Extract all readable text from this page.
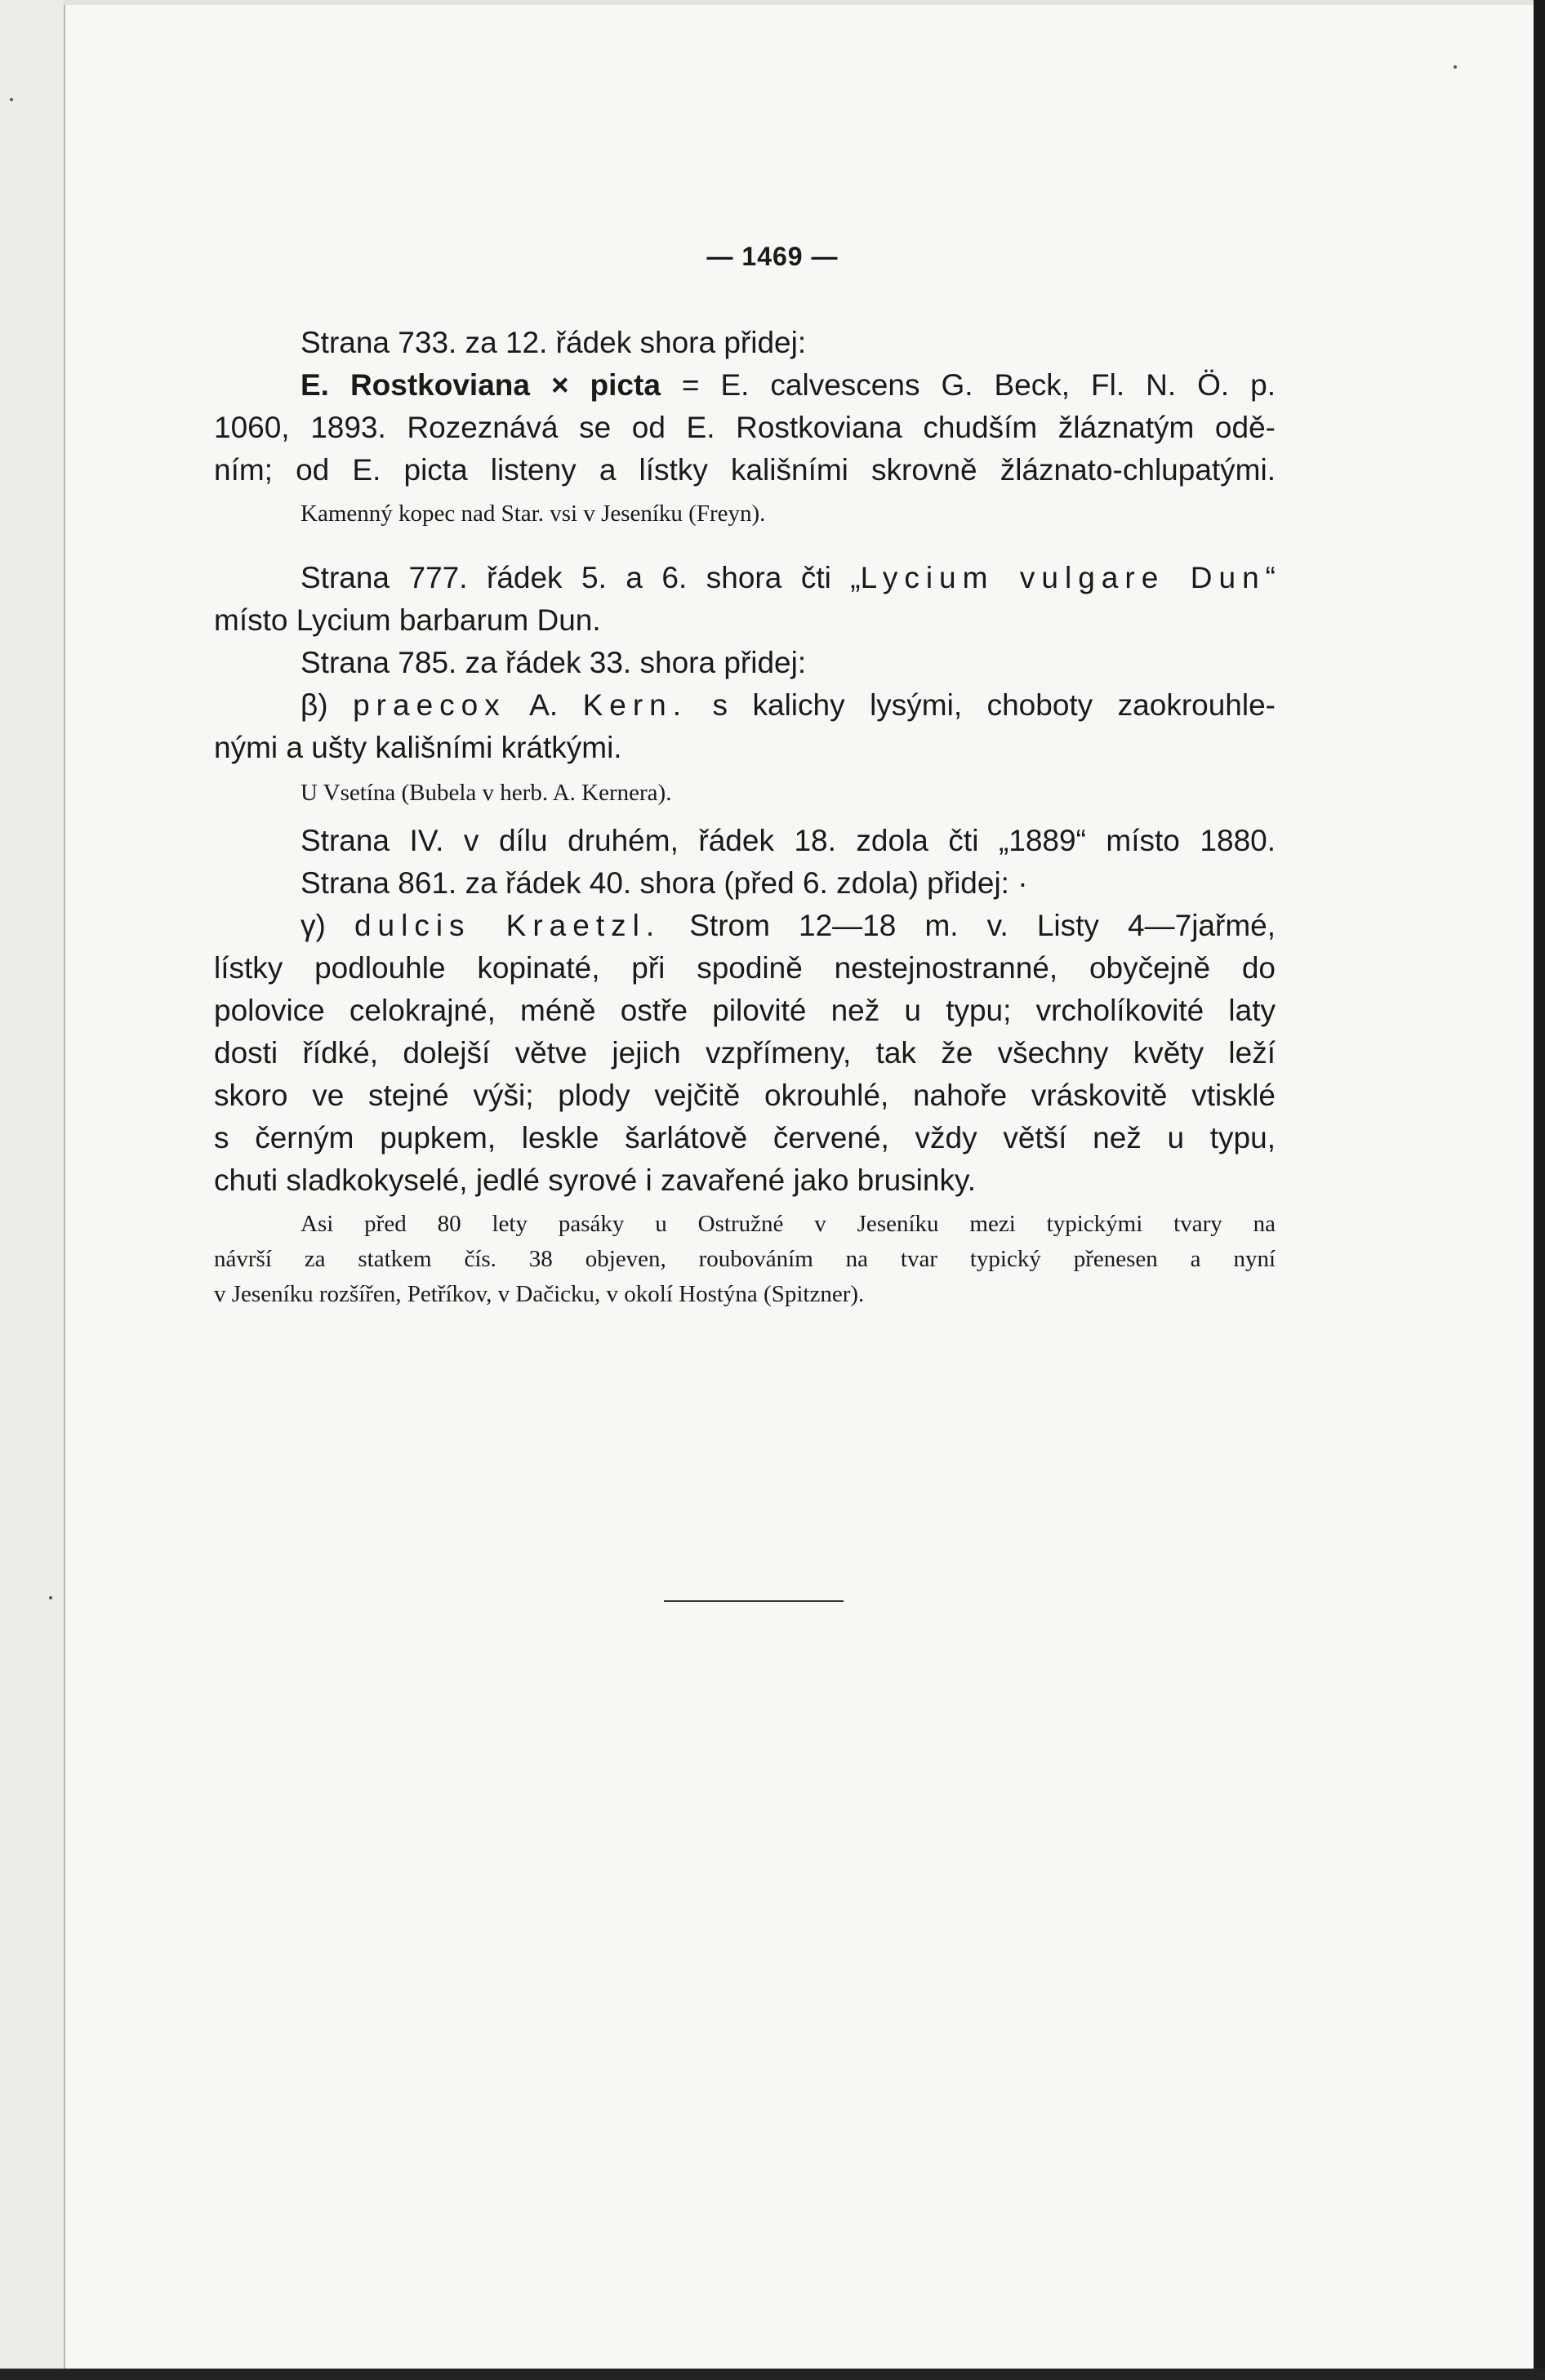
— 1469 —
Strana 733. za 12. řádek shora přidej:
E. Rostkoviana × picta = E. calvescens G. Beck, Fl. N. Ö. p.
1060, 1893. Rozeznává se od E. Rostkoviana chudším žláznatým odě-
ním; od E. picta listeny a lístky kališními skrovně žláznato-chlupatými.
Kamenný kopec nad Star. vsi v Jeseníku (Freyn).
Strana 777. řádek 5. a 6. shora čti „Lycium vulgare Dun“
místo Lycium barbarum Dun.
Strana 785. za řádek 33. shora přidej:
β) praecox A. Kern. s kalichy lysými, choboty zaokrouhle-
nými a ušty kališními krátkými.
U Vsetína (Bubela v herb. A. Kernera).
Strana IV. v dílu druhém, řádek 18. zdola čti „1889“ místo 1880.
Strana 861. za řádek 40. shora (před 6. zdola) přidej: ·
γ) dulcis Kraetzl. Strom 12—18 m. v. Listy 4—7jařmé,
lístky podlouhle kopinaté, při spodině nestejnostranné, obyčejně do
polovice celokrajné, méně ostře pilovité než u typu; vrcholíkovité laty
dosti řídké, dolejší větve jejich vzpřímeny, tak že všechny květy leží
skoro ve stejné výši; plody vejčitě okrouhlé, nahoře vráskovitě vtisklé
s černým pupkem, leskle šarlátově červené, vždy větší než u typu,
chuti sladkokyselé, jedlé syrové i zavařené jako brusinky.
Asi před 80 lety pasáky u Ostružné v Jeseníku mezi typickými tvary na
návrší za statkem čís. 38 objeven, roubováním na tvar typický přenesen a nyní
v Jeseníku rozšířen, Petříkov, v Dačicku, v okolí Hostýna (Spitzner).
